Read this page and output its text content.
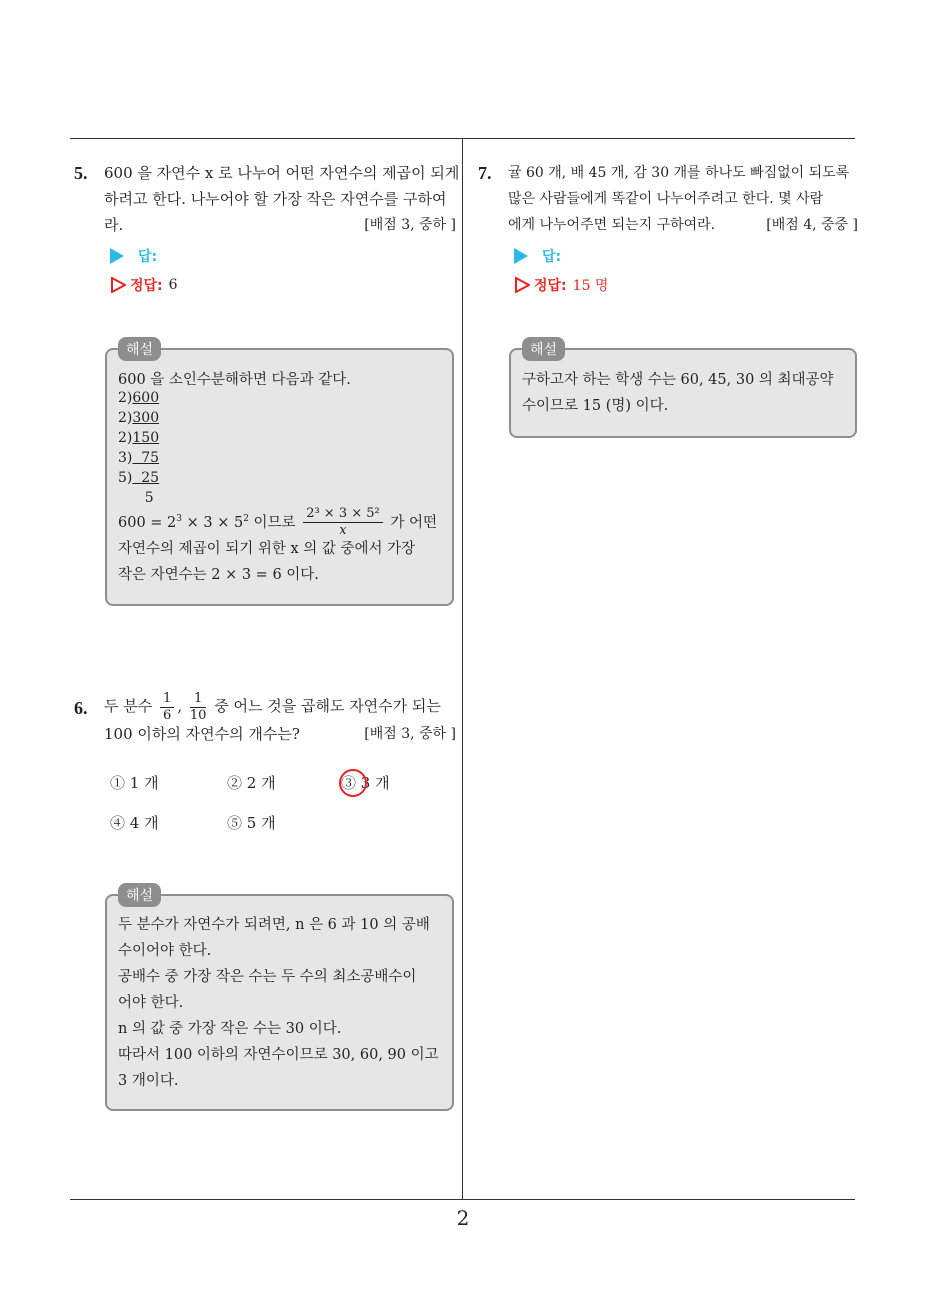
2
5. 600 을 자연수 x 로 나누어 어떤 자연수의 제곱이 되게
하려고 한다. 나누어야 할 가장 작은 자연수를 구하여
라.	[배점 3, 중하 ]
답:
정답: 6
해설
600 을 소인수분해하면 다음과 같다.
2)600
2)300
2)150
3)  75
5)  25
5
$600 = 2^3 \times 3 \times 5^2$ 이므로 $\frac{\text{2³ × 3 × 5²}}{x}$ 가 어떤
자연수의 제곱이 되기 위한 x 의 값 중에서 가장
작은 자연수는 2 × 3 = 6 이다.
6. 두 분수 $\frac{1}{6}$ , $\frac{1}{10}$ 중 어느 것을 곱해도 자연수가 되는
100 이하의 자연수의 개수는?	[배점 3, 중하 ]
① 1 개	② 2 개	③ 3 개
④ 4 개	⑤ 5 개
해설
두 분수가 자연수가 되려면, n 은 6 과 10 의 공배
수이어야 한다.
공배수 중 가장 작은 수는 두 수의 최소공배수이
어야 한다.
n 의 값 중 가장 작은 수는 30 이다.
따라서 100 이하의 자연수이므로 30, 60, 90 이고
3 개이다.
7. 귤 60 개, 배 45 개, 감 30 개를 하나도 빠짐없이 되도록
많은 사람들에게 똑같이 나누어주려고 한다. 몇 사람
에게 나누어주면 되는지 구하여라.	[배점 4, 중중 ]
답:
정답: 15 명
해설
구하고자 하는 학생 수는 60, 45, 30 의 최대공약
수이므로 15 (명) 이다.
